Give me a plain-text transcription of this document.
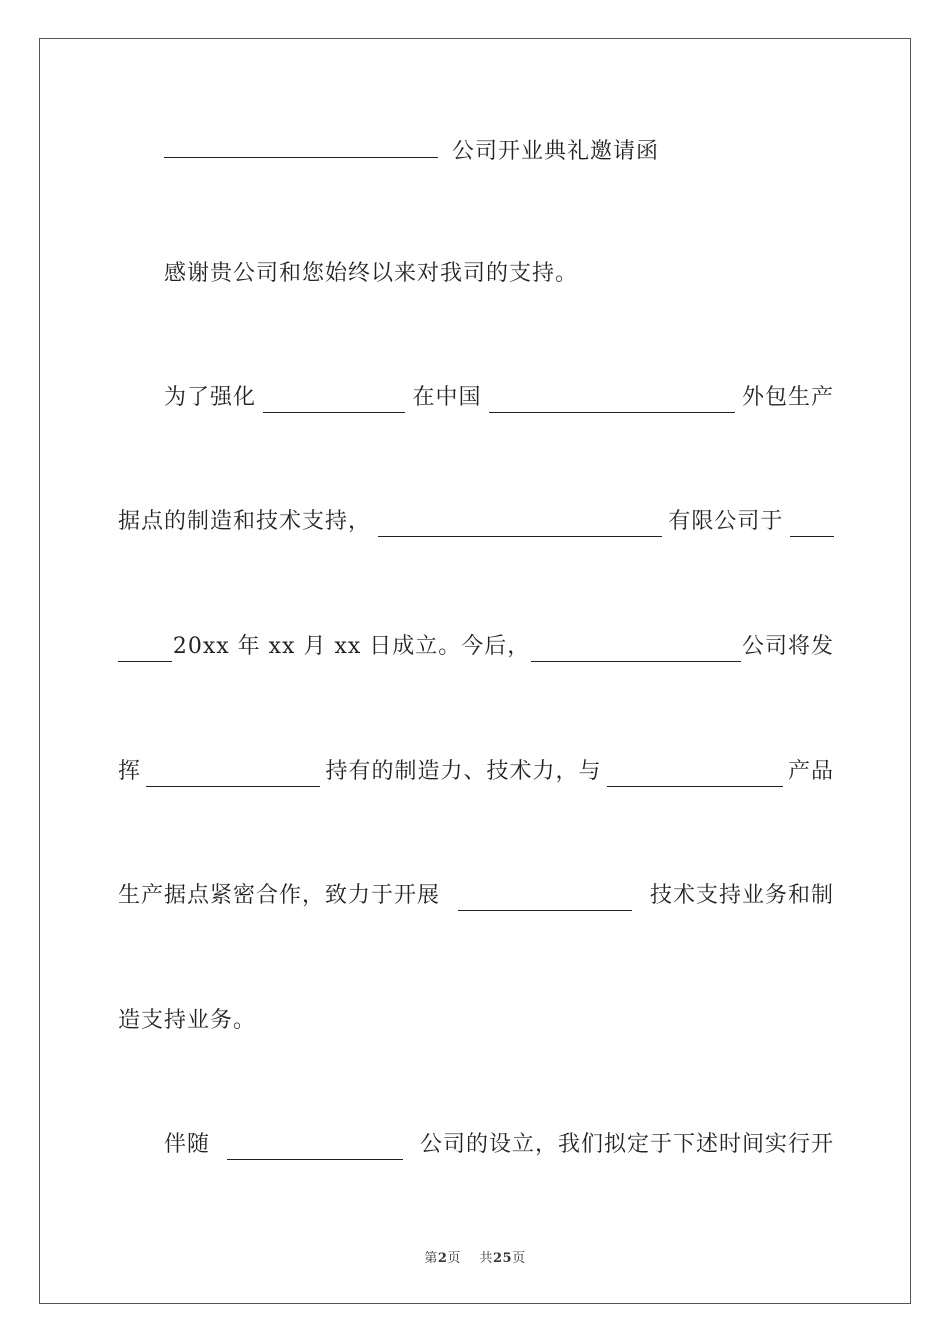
公司开业典礼邀请函
感谢贵公司和您始终以来对我司的支持。
为了强化	在中国	外包生产
据点的制造和技术支持，	有限公司于
20xx 年 xx 月 xx 日成立。今后，	公司将发
挥	持有的制造力、技术力，与	产品
生产据点紧密合作，致力于开展	技术支持业务和制
造支持业务。
伴随	公司的设立，我们拟定于下述时间实行开
第2页 共25页
